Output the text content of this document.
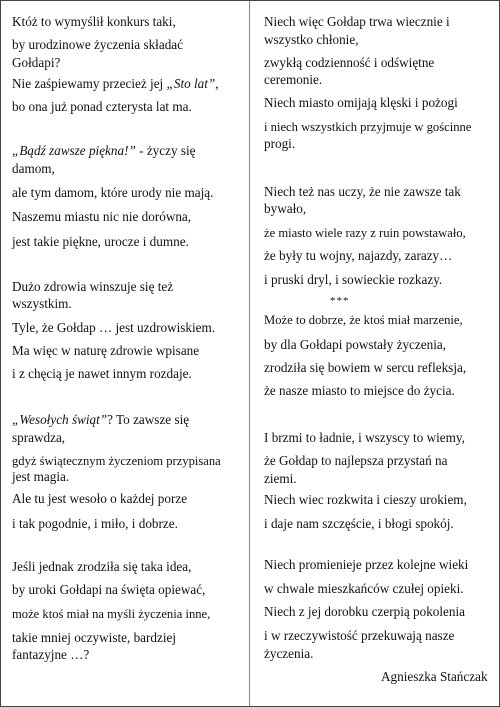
Któż to wymyślił konkurs taki,
by urodzinowe życzenia składać
Gołdapi?
Nie zaśpiewamy przecież jej „Sto lat”,
bo ona już ponad czterysta lat ma.
„Bądź zawsze piękna!” - życzy się
damom,
ale tym damom, które urody nie mają.
Naszemu miastu nic nie dorówna,
jest takie piękne, urocze i dumne.
Dużo zdrowia winszuje się też
wszystkim.
Tyle, że Gołdap … jest uzdrowiskiem.
Ma więc w naturę zdrowie wpisane
i z chęcią je nawet innym rozdaje.
„Wesołych świąt”? To zawsze się
sprawdza,
gdyż świątecznym życzeniom przypisana
jest magia.
Ale tu jest wesoło o każdej porze
i tak pogodnie, i miło, i dobrze.
Jeśli jednak zrodziła się taka idea,
by uroki Gołdapi na święta opiewać,
może ktoś miał na myśli życzenia inne,
takie mniej oczywiste, bardziej
fantazyjne …?
Niech więc Gołdap trwa wiecznie i
wszystko chłonie,
zwykłą codzienność i odświętne
ceremonie.
Niech miasto omijają klęski i pożogi
i niech wszystkich przyjmuje w gościnne
progi.
Niech też nas uczy, że nie zawsze tak
bywało,
że miasto wiele razy z ruin powstawało,
że były tu wojny, najazdy, zarazy…
i pruski dryl, i sowieckie rozkazy.
***
Może to dobrze, że ktoś miał marzenie,
by dla Gołdapi powstały życzenia,
zrodziła się bowiem w sercu refleksja,
że nasze miasto to miejsce do życia.
I brzmi to ładnie, i wszyscy to wiemy,
że Gołdap to najlepsza przystań na
ziemi.
Niech wiec rozkwita i cieszy urokiem,
i daje nam szczęście, i błogi spokój.
Niech promienieje przez kolejne wieki
w chwale mieszkańców czułej opieki.
Niech z jej dorobku czerpią pokolenia
i w rzeczywistość przekuwają nasze
życzenia.
Agnieszka Stańczak
